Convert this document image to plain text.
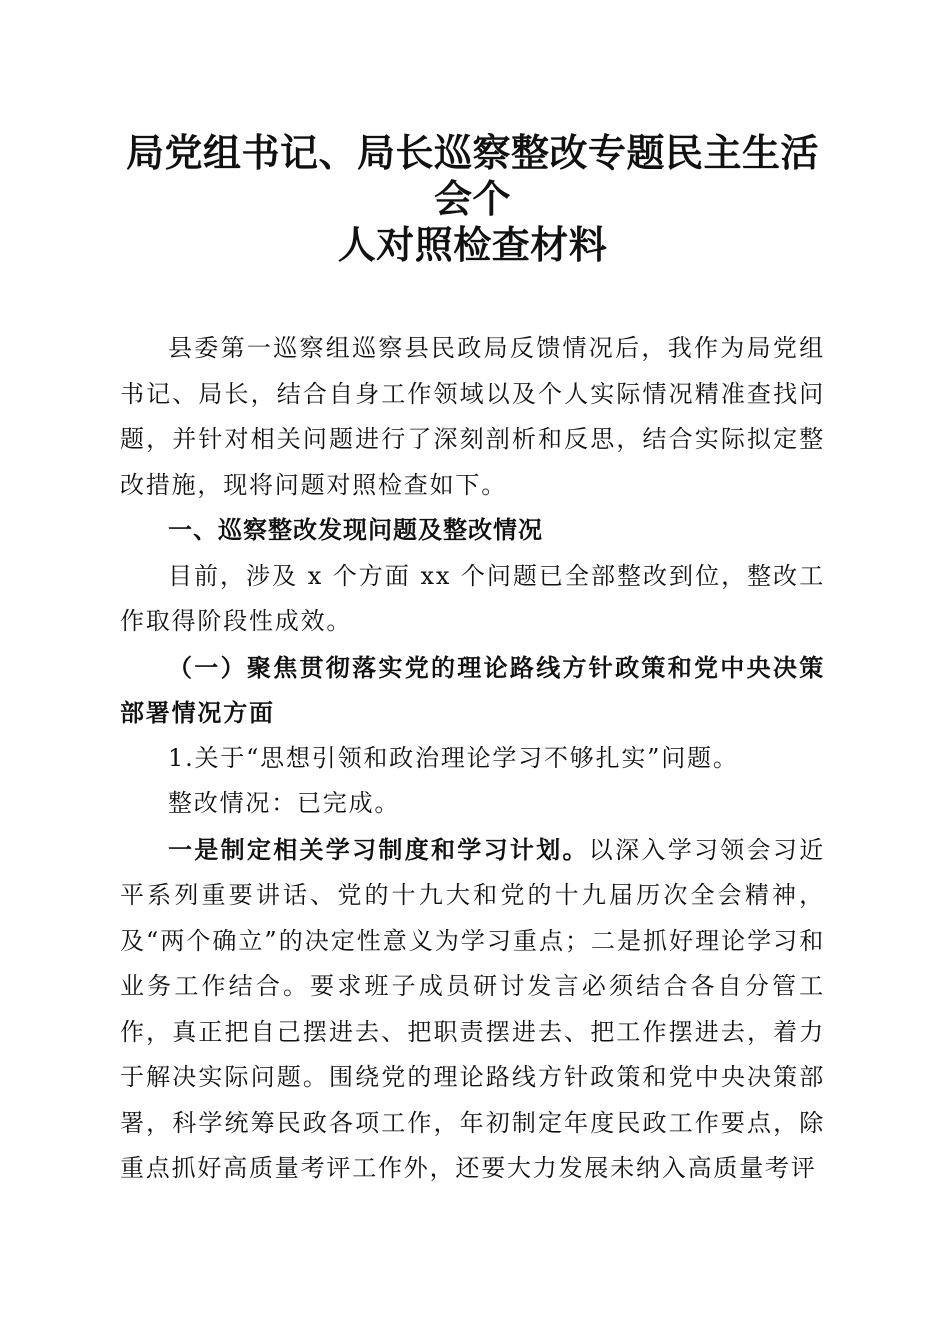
局党组书记、局长巡察整改专题民主生活会个
人对照检查材料

县委第一巡察组巡察县民政局反馈情况后，我作为局党组书记、局长，结合自身工作领域以及个人实际情况精准查找问题，并针对相关问题进行了深刻剖析和反思，结合实际拟定整改措施，现将问题对照检查如下。

一、巡察整改发现问题及整改情况

目前，涉及 x 个方面 xx 个问题已全部整改到位，整改工作取得阶段性成效。

（一）聚焦贯彻落实党的理论路线方针政策和党中央决策部署情况方面

1.关于“思想引领和政治理论学习不够扎实”问题。

整改情况：已完成。

一是制定相关学习制度和学习计划。以深入学习领会习近平系列重要讲话、党的十九大和党的十九届历次全会精神，及“两个确立”的决定性意义为学习重点；二是抓好理论学习和业务工作结合。要求班子成员研讨发言必须结合各自分管工作，真正把自己摆进去、把职责摆进去、把工作摆进去，着力于解决实际问题。围绕党的理论路线方针政策和党中央决策部署，科学统筹民政各项工作，年初制定年度民政工作要点，除重点抓好高质量考评工作外，还要大力发展未纳入高质量考评
